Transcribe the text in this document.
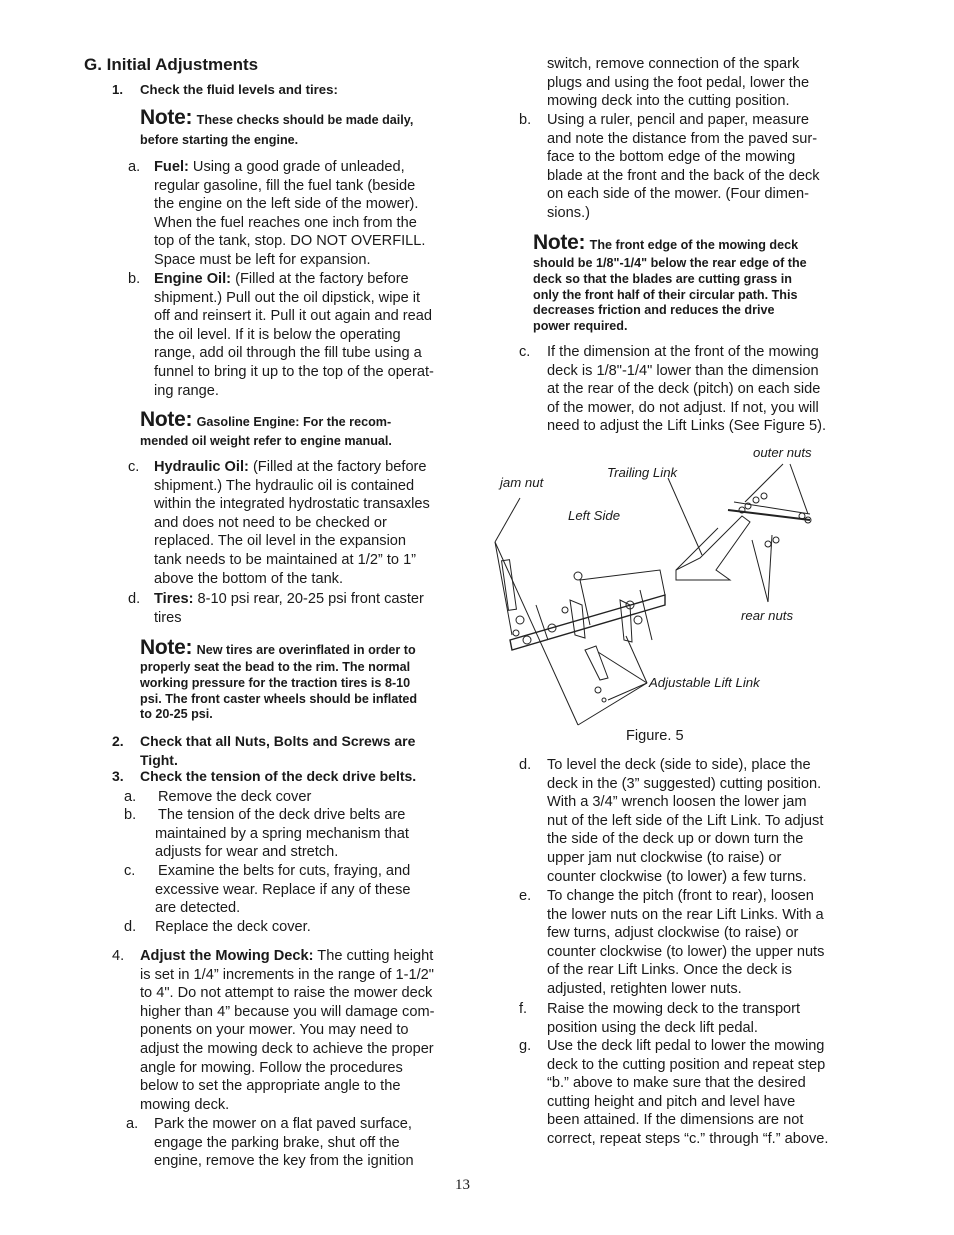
G. Initial Adjustments
1. Check the fluid levels and tires:
Note: These checks should be made daily,
before starting the engine.
a. Fuel: Using a good grade of unleaded,
regular gasoline, fill the fuel tank (beside
the engine on the left side of the mower).
When the fuel reaches one inch from the
top of the tank, stop. DO NOT OVERFILL.
Space must be left for expansion.
b. Engine Oil: (Filled at the factory before
shipment.) Pull out the oil dipstick, wipe it
off and reinsert it. Pull it out again and read
the oil level. If it is below the operating
range, add oil through the fill tube using a
funnel to bring it up to the top of the operat-
ing range.
Note: Gasoline Engine: For the recom-
mended oil weight refer to engine manual.
c. Hydraulic Oil: (Filled at the factory before
shipment.) The hydraulic oil is contained
within the integrated hydrostatic transaxles
and does not need to be checked or
replaced. The oil level in the expansion
tank needs to be maintained at 1/2” to 1”
above the bottom of the tank.
d. Tires: 8-10 psi rear, 20-25 psi front caster
tires
Note: New tires are overinflated in order to
properly seat the bead to the rim. The normal
working pressure for the traction tires is 8-10
psi. The front caster wheels should be inflated
to 20-25 psi.
2. Check that all Nuts, Bolts and Screws are
Tight.
3. Check the tension of the deck drive belts.
a. Remove the deck cover
b. The tension of the deck drive belts are
maintained by a spring mechanism that
adjusts for wear and stretch.
c. Examine the belts for cuts, fraying, and
excessive wear. Replace if any of these
are detected.
d. Replace the deck cover.
4. Adjust the Mowing Deck: The cutting height
is set in 1/4” increments in the range of 1-1/2"
to 4". Do not attempt to raise the mower deck
higher than 4” because you will damage com-
ponents on your mower. You may need to
adjust the mowing deck to achieve the proper
angle for mowing. Follow the procedures
below to set the appropriate angle to the
mowing deck.
a. Park the mower on a flat paved surface,
engage the parking brake, shut off the
engine, remove the key from the ignition
switch, remove connection of the spark
plugs and using the foot pedal, lower the
mowing deck into the cutting position.
b. Using a ruler, pencil and paper, measure
and note the distance from the paved sur-
face to the bottom edge of the mowing
blade at the front and the back of the deck
on each side of the mower. (Four dimen-
sions.)
Note: The front edge of the mowing deck
should be 1/8"-1/4" below the rear edge of the
deck so that the blades are cutting grass in
only the front half of their circular path. This
decreases friction and reduces the drive
power required.
c. If the dimension at the front of the mowing
deck is 1/8"-1/4" lower than the dimension
at the rear of the deck (pitch) on each side
of the mower, do not adjust. If not, you will
need to adjust the Lift Links (See Figure 5).
outer nuts
Trailing Link
jam nut
Left Side
rear nuts
Adjustable Lift Link
Figure. 5
d. To level the deck (side to side), place the
deck in the (3” suggested) cutting position.
With a 3/4” wrench loosen the lower jam
nut of the left side of the Lift Link. To adjust
the side of the deck up or down turn the
upper jam nut clockwise (to raise) or
counter clockwise (to lower) a few turns.
e. To change the pitch (front to rear), loosen
the lower nuts on the rear Lift Links. With a
few turns, adjust clockwise (to raise) or
counter clockwise (to lower) the upper nuts
of the rear Lift Links. Once the deck is
adjusted, retighten lower nuts.
f. Raise the mowing deck to the transport
position using the deck lift pedal.
g. Use the deck lift pedal to lower the mowing
deck to the cutting position and repeat step
“b.” above to make sure that the desired
cutting height and pitch and level have
been attained. If the dimensions are not
correct, repeat steps “c.” through “f.” above.
13
